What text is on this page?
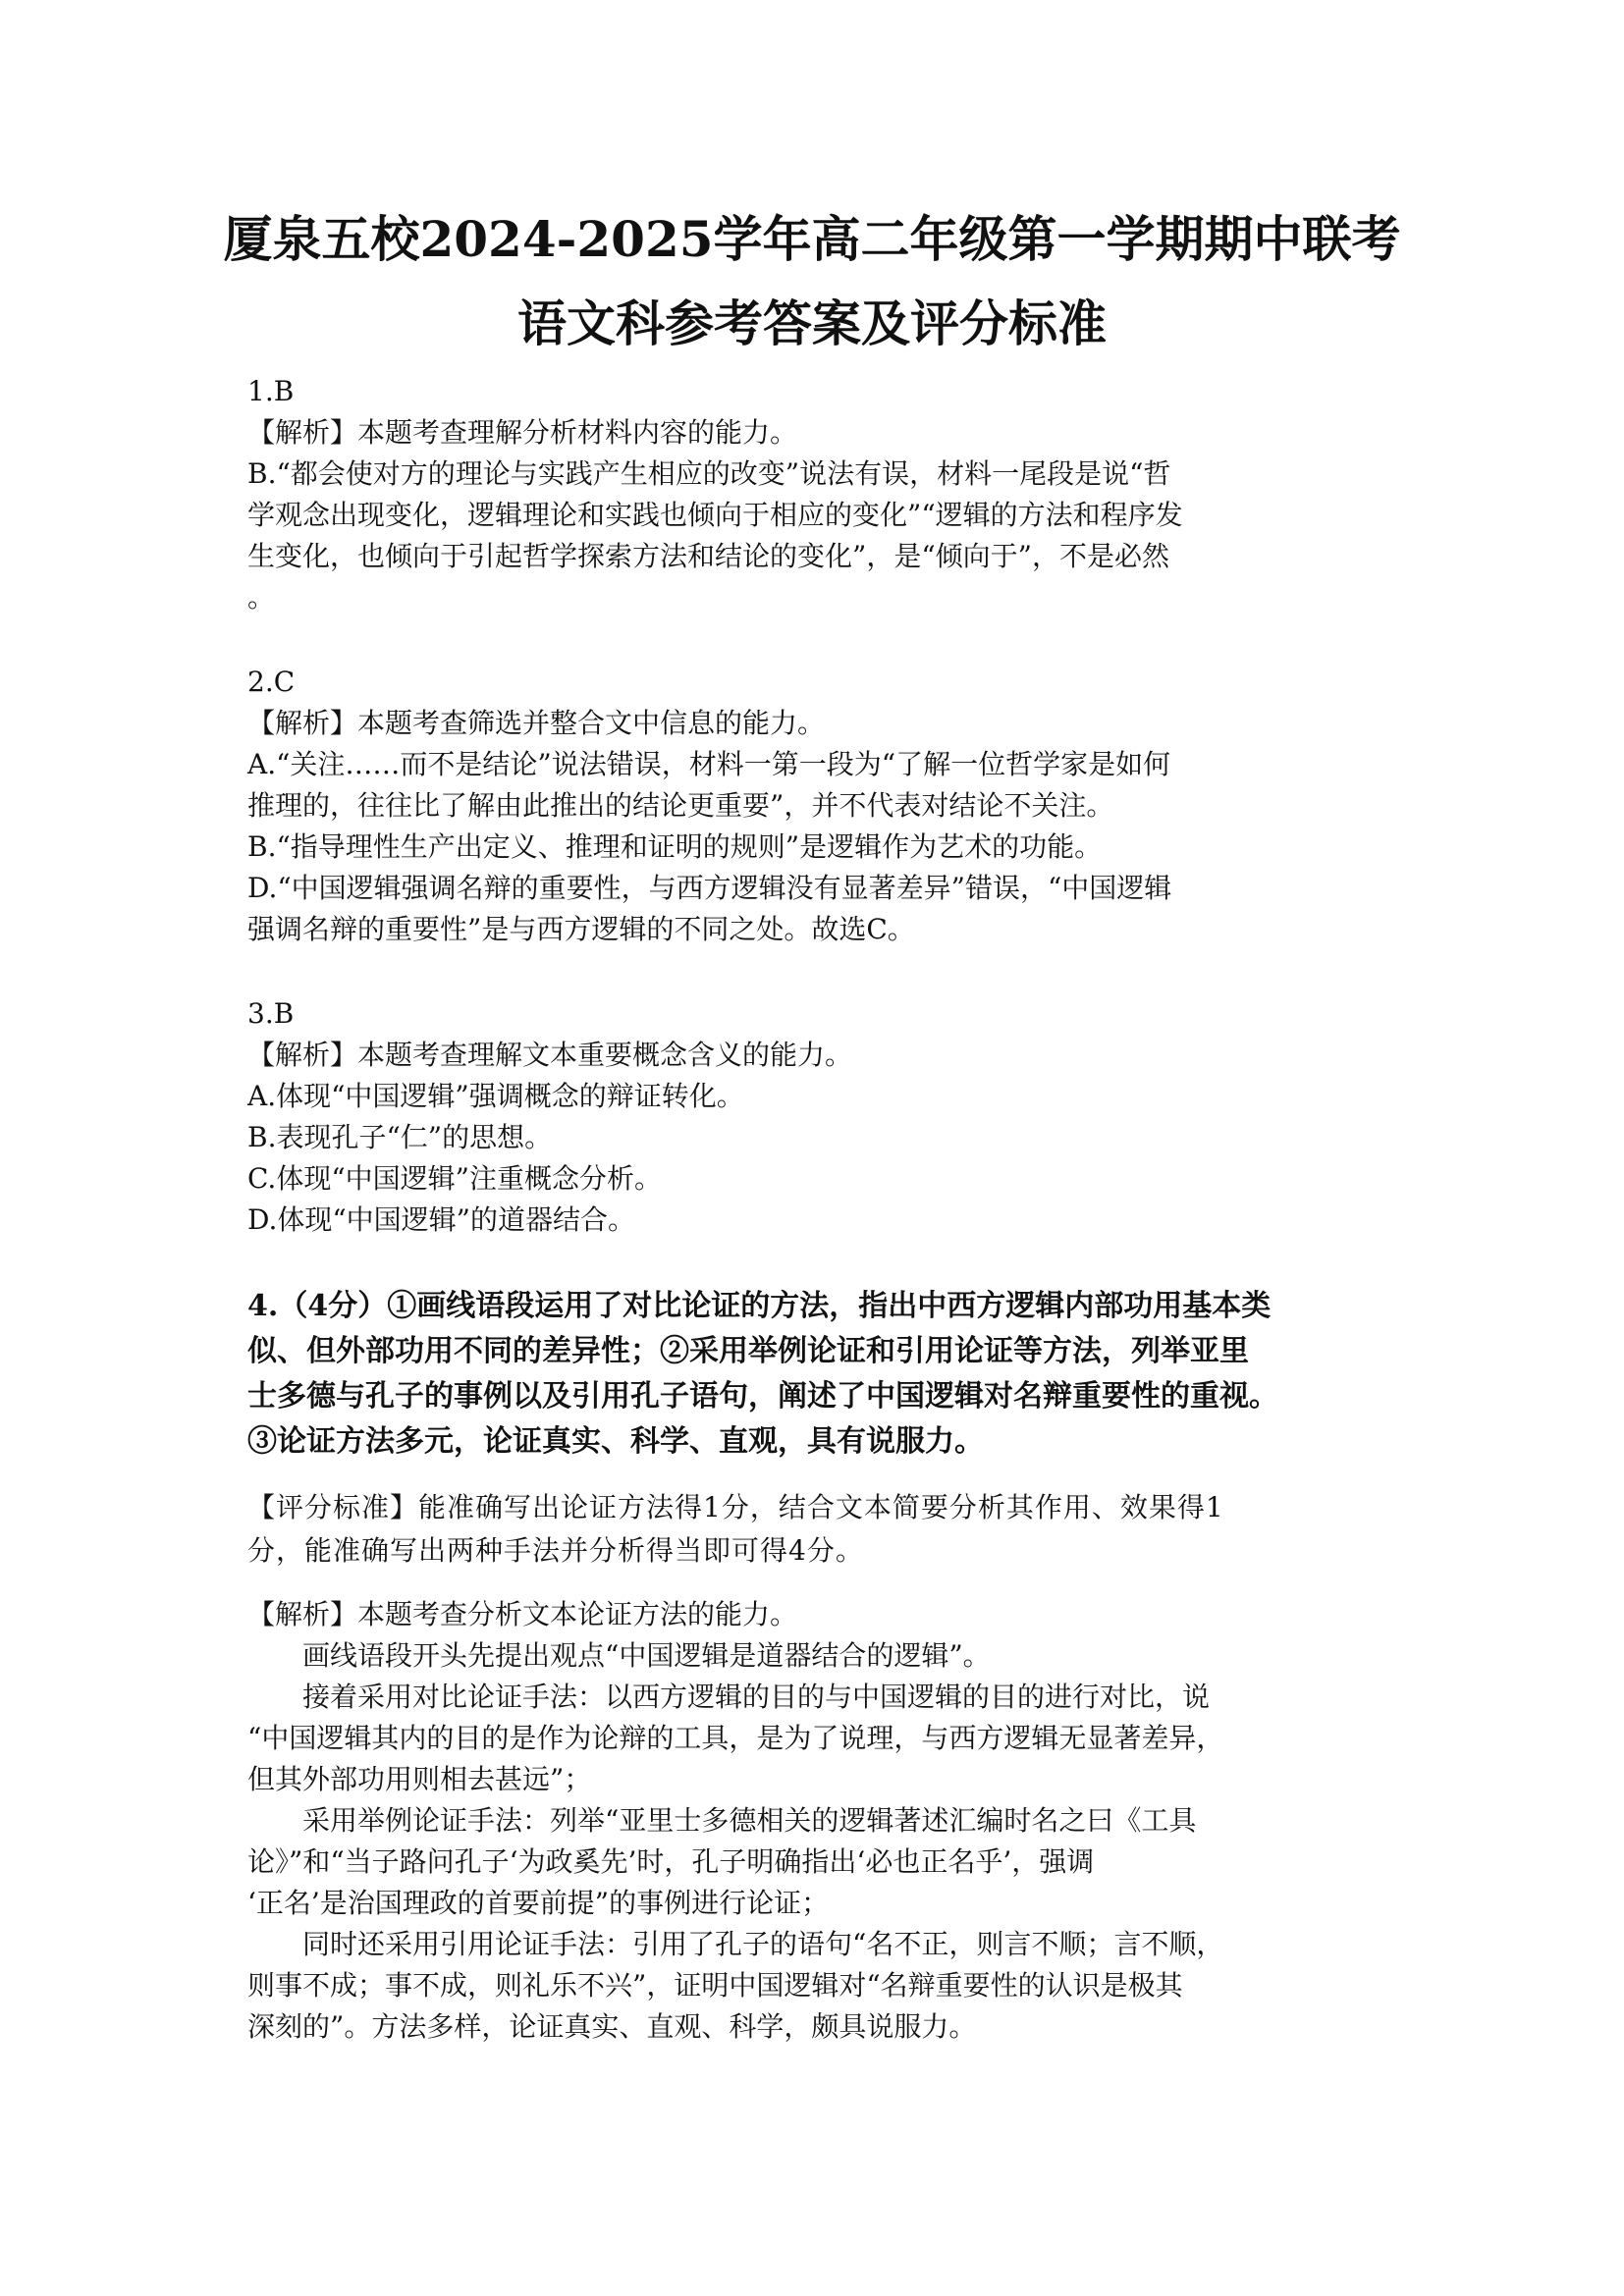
厦泉五校2024-2025学年高二年级第一学期期中联考
语文科参考答案及评分标准

1.B

【解析】本题考查理解分析材料内容的能力。

B.“都会使对方的理论与实践产生相应的改变”说法有误，材料一尾段是说“哲

学观念出现变化，逻辑理论和实践也倾向于相应的变化”“逻辑的方法和程序发

生变化，也倾向于引起哲学探索方法和结论的变化”，是“倾向于”，不是必然

。

2.C

【解析】本题考查筛选并整合文中信息的能力。

A.“关注……而不是结论”说法错误，材料一第一段为“了解一位哲学家是如何

推理的，往往比了解由此推出的结论更重要”，并不代表对结论不关注。

B.“指导理性生产出定义、推理和证明的规则”是逻辑作为艺术的功能。

D.“中国逻辑强调名辩的重要性，与西方逻辑没有显著差异”错误，“中国逻辑

强调名辩的重要性”是与西方逻辑的不同之处。故选C。

3.B

【解析】本题考查理解文本重要概念含义的能力。

A.体现“中国逻辑”强调概念的辩证转化。

B.表现孔子“仁”的思想。

C.体现“中国逻辑”注重概念分析。

D.体现“中国逻辑”的道器结合。

4.（4分）①画线语段运用了对比论证的方法，指出中西方逻辑内部功用基本类

似、但外部功用不同的差异性；②采用举例论证和引用论证等方法，列举亚里

士多德与孔子的事例以及引用孔子语句，阐述了中国逻辑对名辩重要性的重视。

③论证方法多元，论证真实、科学、直观，具有说服力。

【评分标准】能准确写出论证方法得1分，结合文本简要分析其作用、效果得1

分，能准确写出两种手法并分析得当即可得4分。

【解析】本题考查分析文本论证方法的能力。

画线语段开头先提出观点“中国逻辑是道器结合的逻辑”。

接着采用对比论证手法：以西方逻辑的目的与中国逻辑的目的进行对比，说

“中国逻辑其内的目的是作为论辩的工具，是为了说理，与西方逻辑无显著差异，

但其外部功用则相去甚远”；

采用举例论证手法：列举“亚里士多德相关的逻辑著述汇编时名之曰《工具

论》”和“当子路问孔子‘为政奚先’时，孔子明确指出‘必也正名乎’，强调

‘正名’是治国理政的首要前提”的事例进行论证；

同时还采用引用论证手法：引用了孔子的语句“名不正，则言不顺；言不顺，

则事不成；事不成，则礼乐不兴”，证明中国逻辑对“名辩重要性的认识是极其

深刻的”。方法多样，论证真实、直观、科学，颇具说服力。
